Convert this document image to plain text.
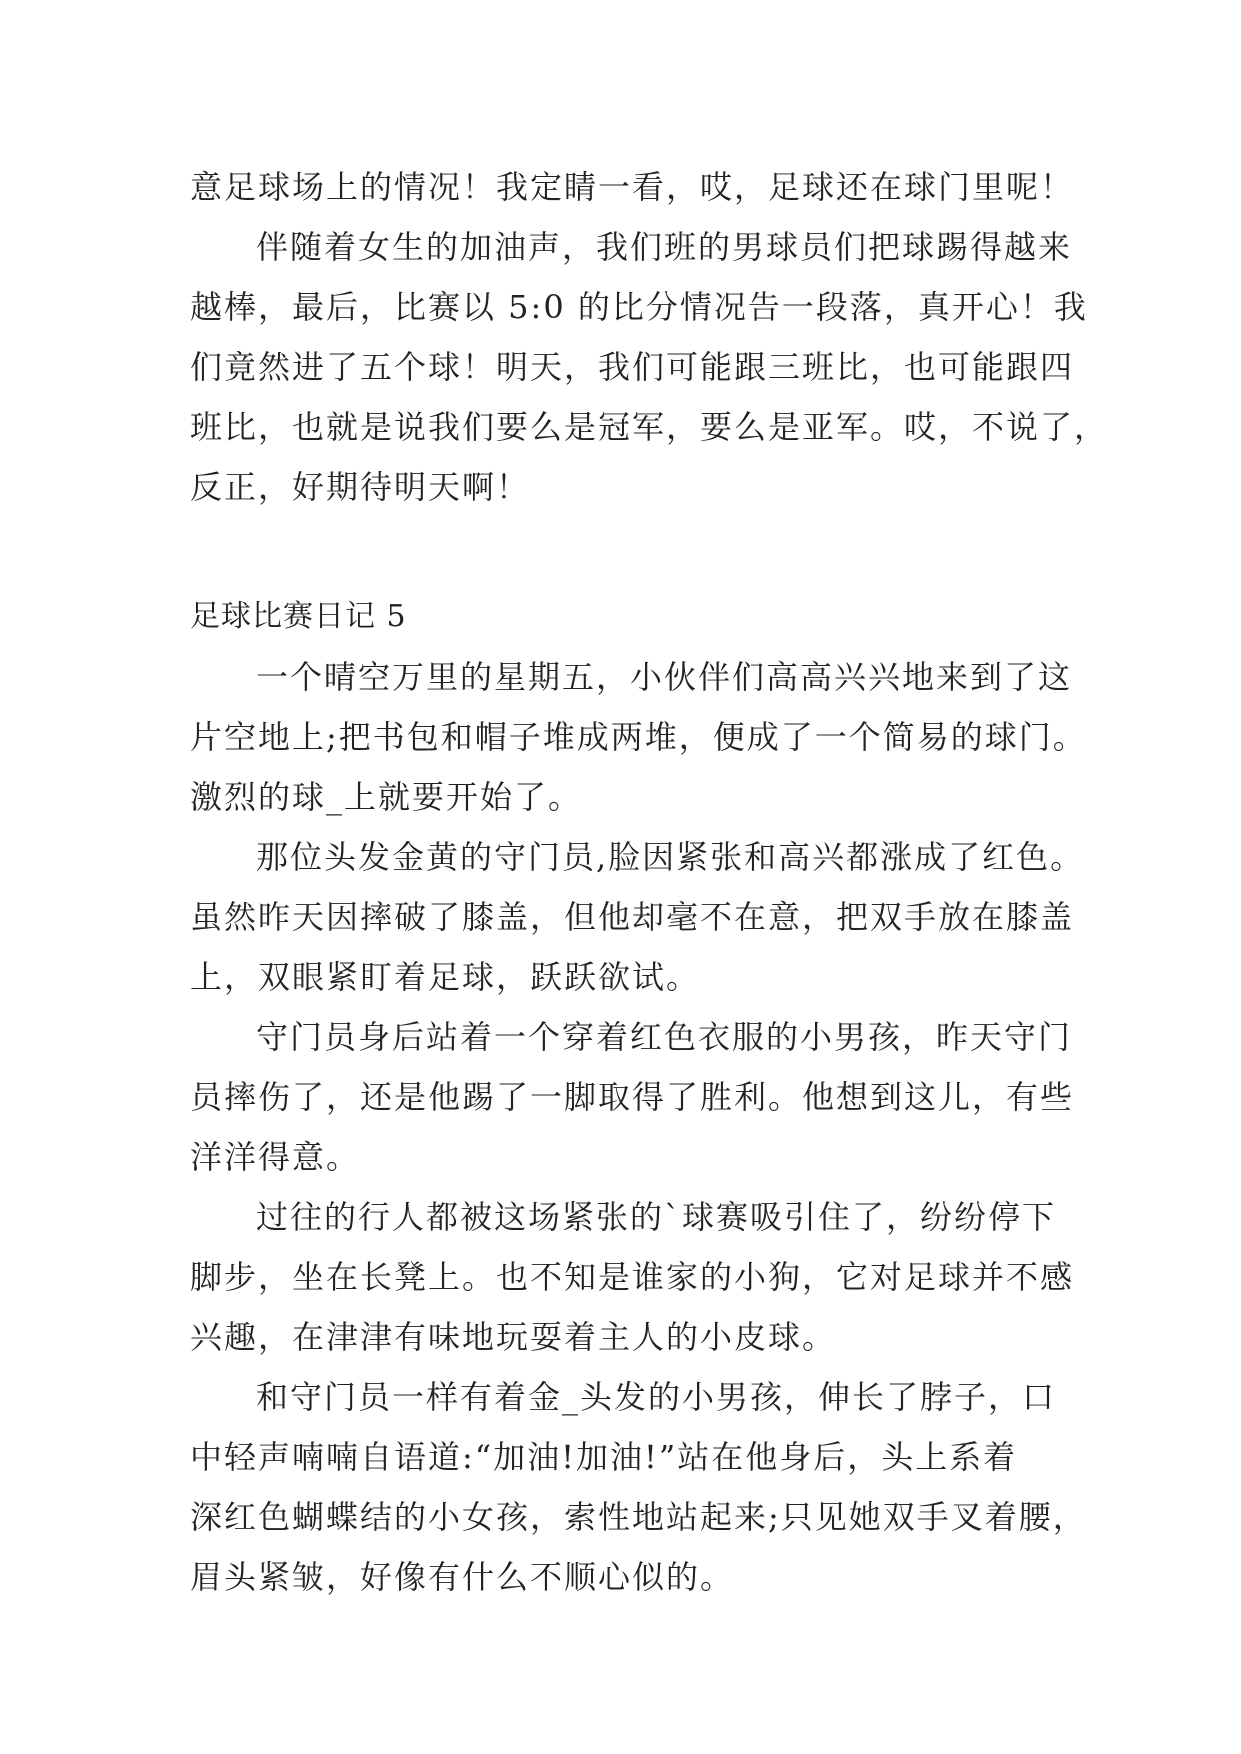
意足球场上的情况！我定睛一看，哎，足球还在球门里呢！
伴随着女生的加油声，我们班的男球员们把球踢得越来
越棒，最后，比赛以 5:0 的比分情况告一段落，真开心！我
们竟然进了五个球！明天，我们可能跟三班比，也可能跟四
班比，也就是说我们要么是冠军，要么是亚军。哎，不说了，
反正，好期待明天啊！
足球比赛日记 5
一个晴空万里的星期五，小伙伴们高高兴兴地来到了这
片空地上;把书包和帽子堆成两堆，便成了一个简易的球门。
激烈的球_上就要开始了。
那位头发金黄的守门员,脸因紧张和高兴都涨成了红色。
虽然昨天因摔破了膝盖，但他却毫不在意，把双手放在膝盖
上，双眼紧盯着足球，跃跃欲试。
守门员身后站着一个穿着红色衣服的小男孩，昨天守门
员摔伤了，还是他踢了一脚取得了胜利。他想到这儿，有些
洋洋得意。
过往的行人都被这场紧张的`球赛吸引住了，纷纷停下
脚步，坐在长凳上。也不知是谁家的小狗，它对足球并不感
兴趣，在津津有味地玩耍着主人的小皮球。
和守门员一样有着金_头发的小男孩，伸长了脖子，口
中轻声喃喃自语道:“加油!加油!”站在他身后，头上系着
深红色蝴蝶结的小女孩，索性地站起来;只见她双手叉着腰，
眉头紧皱，好像有什么不顺心似的。
